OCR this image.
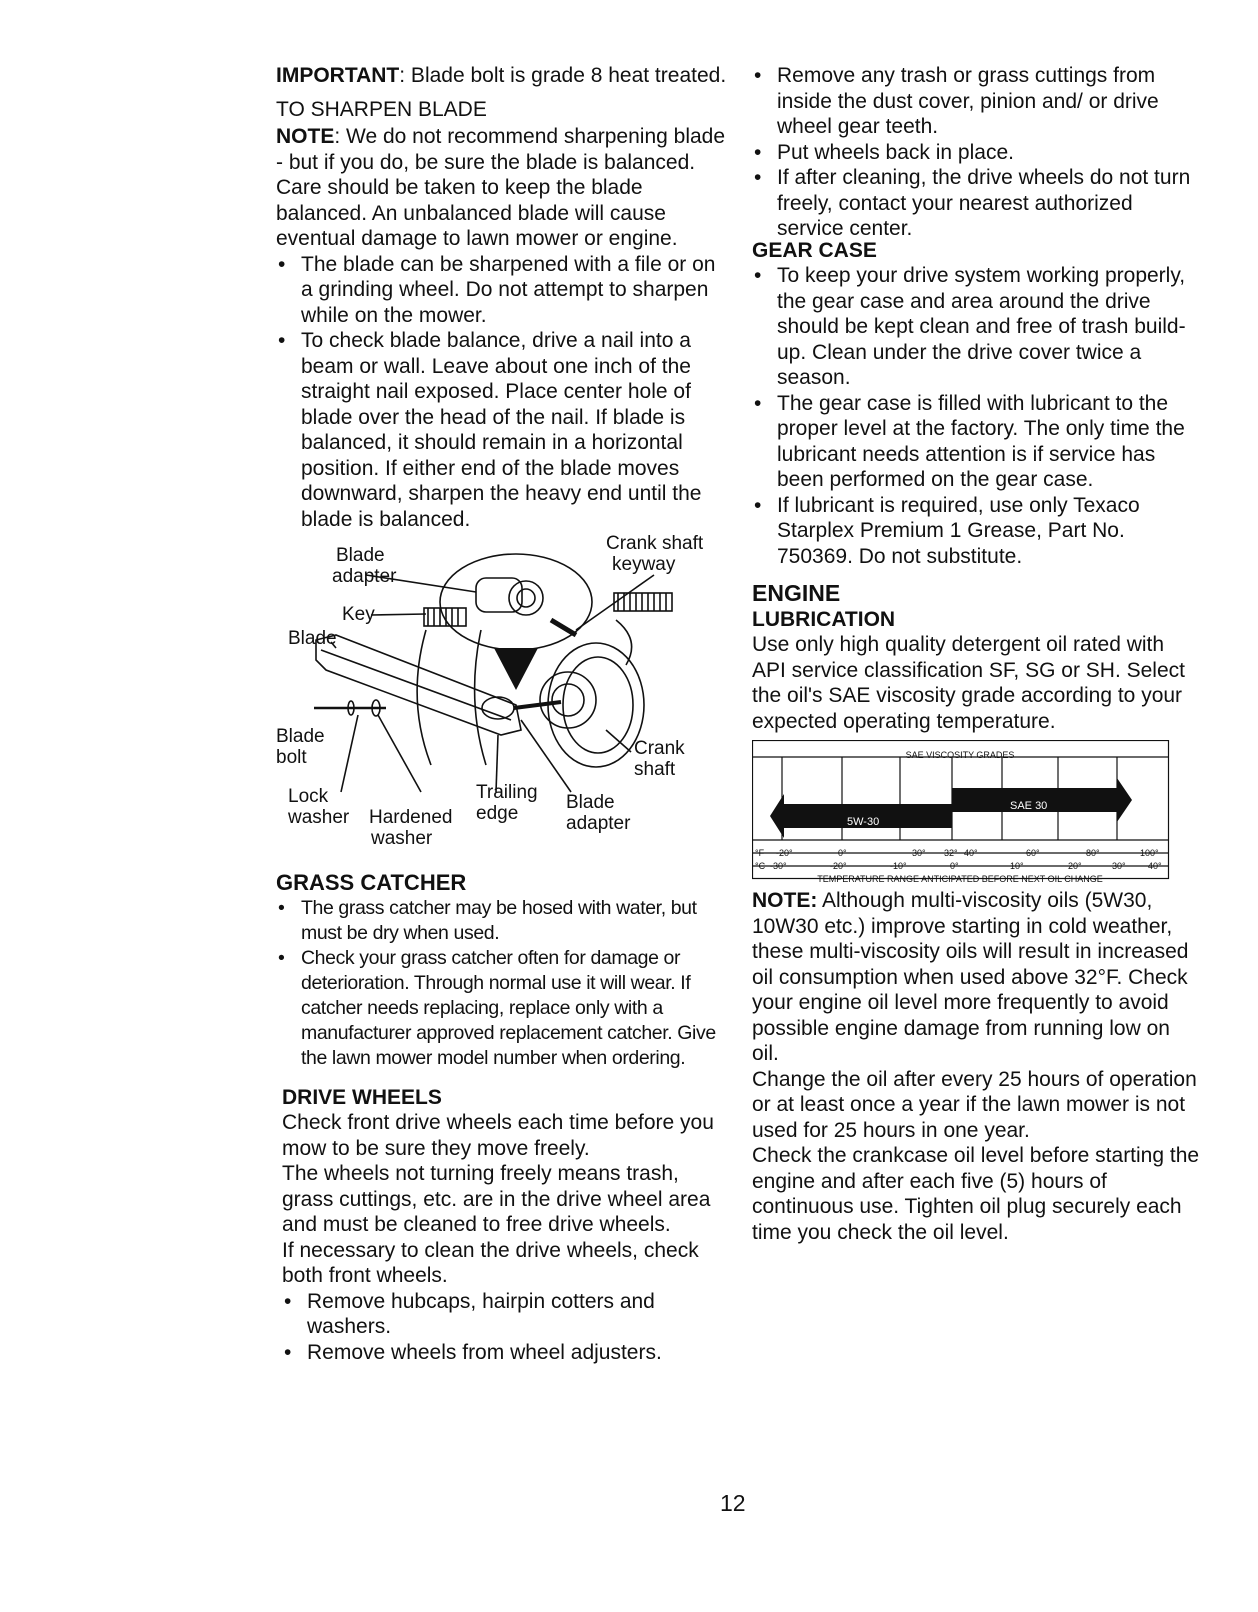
IMPORTANT: Blade bolt is grade 8 heat treated.

TO SHARPEN BLADE

NOTE: We do not recommend sharpening blade - but if you do, be sure the blade is balanced.

Care should be taken to keep the blade balanced. An unbalanced blade will cause eventual damage to lawn mower or engine.

• The blade can be sharpened with a file or on a grinding wheel. Do not attempt to sharpen while on the mower.
• To check blade balance, drive a nail into a beam or wall. Leave about one inch of the straight nail exposed. Place center hole of blade over the head of the nail. If blade is balanced, it should remain in a horizontal position. If either end of the blade moves downward, sharpen the heavy end until the blade is balanced.
Crank shaft
keyway
Blade
adapter
Key
Blade
Blade
bolt	Crank
shaft
Lock
washer Hardened
washer
Trailing
edge
Blade
adapter

GRASS CATCHER

• The grass catcher may be hosed with water, but must be dry when used.
• Check your grass catcher often for damage or deterioration. Through normal use it will wear. If catcher needs replacing, replace only with a manufacturer approved replacement catcher. Give the lawn mower model number when ordering.

DRIVE WHEELS

Check front drive wheels each time before you mow to be sure they move freely.

The wheels not turning freely means trash, grass cuttings, etc. are in the drive wheel area and must be cleaned to free drive wheels.

If necessary to clean the drive wheels, check both front wheels.

• Remove hubcaps, hairpin cotters and washers.
• Remove wheels from wheel adjusters.
• Remove any trash or grass cuttings from inside the dust cover, pinion and/ or drive wheel gear teeth.
• Put wheels back in place.
• If after cleaning, the drive wheels do not turn freely, contact your nearest authorized service center.

GEAR CASE

• To keep your drive system working properly, the gear case and area around the drive should be kept clean and free of trash build-up. Clean under the drive cover twice a season.
• The gear case is filled with lubricant to the proper level at the factory. The only time the lubricant needs attention is if service has been performed on the gear case.
• If lubricant is required, use only Texaco Starplex Premium 1 Grease, Part No. 750369. Do not substitute.

ENGINE

LUBRICATION

Use only high quality detergent oil rated with API service classification SF, SG or SH. Select the oil's SAE viscosity grade according to your expected operating temperature.

SAE VISCOSITY GRADES
SAE 30
5W-30
°F -20°	0°	30° 32° 40°	60°	80°	100°
°C -30°	-20°	-10°	0°	10°	20°	30° 40°
TEMPERATURE RANGE ANTICIPATED BEFORE NEXT OIL CHANGE

NOTE: Although multi-viscosity oils (5W30, 10W30 etc.) improve starting in cold weather, these multi-viscosity oils will result in increased oil consumption when used above 32°F. Check your engine oil level more frequently to avoid possible engine damage from running low on oil.

Change the oil after every 25 hours of operation or at least once a year if the lawn mower is not used for 25 hours in one year.

Check the crankcase oil level before starting the engine and after each five (5) hours of continuous use. Tighten oil plug securely each time you check the oil level.

12
